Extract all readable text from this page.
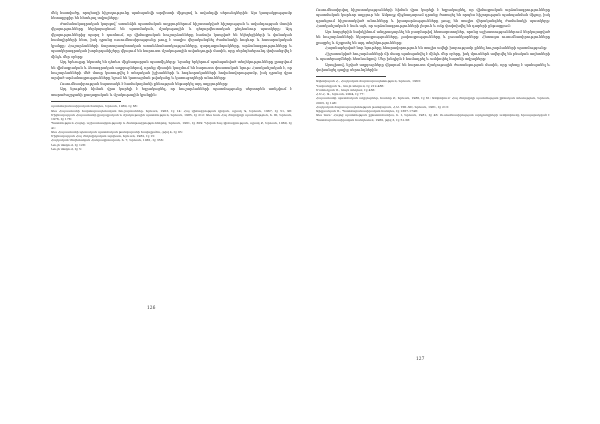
մեկ հատվածը, որպեսզի հիշողությունը պահպանվի արվեստի միջոցով և ավանդվի սերունդներին։ Այս կապակցությամբ հետաքրքիր են հետևյալ տվյալները։

Ժամանակագրական կարգով՝ առանձին պատմական աղբյուրներում հիշատակված հիշողության և ավանդության մասին վկայությունները ներկայացնում են պատմական, մշակութային և գեղարվեստական ընդհանուր պատկերը։ Այդ վկայություններից պարզ է դառնում, որ վիմագրական հուշարձանները հաճախ կապված են եկեղեցիների և վանական համալիրների հետ, իսկ դրանց ուսումնասիրությունը թույլ է տալիս վերականգնել ժամանակի հոգևոր և հասարակական կյանքը։ Հուշարձանների ճարտարապետական առանձնահատկությունները, զարդաքանդակները, արձանագրությունները և պատկերագրական խորհրդանիշերը վկայում են հարուստ մշակութային ավանդույթի մասին, որը սերնդեսերունդ փոխանցվել է մինչև մեր օրերը։

Այդ երևույթը նկատել են դեռևս միջնադարյան պատմիչները։ Նրանց երկերում պահպանված տեղեկությունները լրացվում են վիմագրական և ձեռագրական աղբյուրներով, որոնք միասին կազմում են հարուստ փաստական նյութ։ Հատկանշական է, որ հուշարձանների մեծ մասը կառուցվել է տեղական իշխանների և հոգևորականների հովանավորությամբ, իսկ դրանց վրա արված արձանագրությունները նշում են կառուցման թվականը և կառուցողների անունները։

Ուսումնասիրության նպատակն է համակողմանի քննության ենթարկել այդ աղբյուրները։

Այդ նյութերի հիման վրա կարելի է եզրակացնել, որ հուշարձանների պատմությունը սերտորեն առնչվում է տարածաշրջանի քաղաքական և մշակութային կյանքին։

պատմաբանասիրական հանդես, Երևան, 1980, էջ 68։

Տես Հայաստանի ճարտարապետական հուշարձաններ, Երևան, 1963, էջ 14։ Հայ վիմագրության դիվան, պրակ Գ, Երևան, 1967, էջ 51, 98։ Միջնադարյան Հայաստանի քաղաքական և մշակութային պատմություն, Երևան, 1985, էջ 212։ Տես նաև Հայ ժողովրդի պատմություն, հ. III, Երևան, 1976, էջ 178։

Պատմություն Հայոց, աշխատասիրությամբ և ծանոթագրություններով, Երևան, 1961, էջ 309։ Դիվան հայ վիմագրության, պրակ Բ, Երևան, 1960, էջ 41։

Տես Հայաստանի պետական պատմական թանգարանի հավաքածու, թիվ 4, էջ 95։

Միջնադարյան Հայ ժողովրդական արվեստ, Երևան, 1982, էջ 15։

Հայկական Սովետական Հանրագիտարան, հ. 7, Երևան, 1981, էջ 356։

Նույն տեղում, էջ 128։

Նույն տեղում, էջ 5։

126

Ուսումնասիրվող հիշատակությունների հիման վրա կարելի է եզրակացնել, որ վիմագրական արձանագրությունները պատմական կարևոր աղբյուր են։ Ամբողջ միջնադարում դրանք ծառայել են որպես հիշողության պահպանման միջոց, իսկ դրանցում հիշատակված անունները և իրադարձությունները թույլ են տալիս վերականգնել ժամանակի պատկերը։ Հատկանշական է նաև այն, որ արձանագրությունների լեզուն և ոճը փոփոխվել են դարերի ընթացքում։

Այս հարցերին նախկինում անդրադարձել են բազմաթիվ հետազոտողներ, որոնց աշխատություններում ներկայացված են հուշարձանների նկարագրությունները, չափագրությունները և լուսանկարները։ Հետագա ուսումնասիրությունները լրացրել և ճշգրտել են այդ տեղեկությունները։

Հայտնաբերված նոր նյութերը հնարավորություն են տալիս ավելի խորությամբ քննել հուշարձանների պատմությունը։

Հիշատակված հուշարձանների մի մասը պահպանվել է մինչև մեր օրերը, իսկ մյուսներն ավերվել են բնական աղետների և պատերազմների հետևանքով։ Մեր խնդիրն է համադրել և ամփոփել հայտնի տվյալները։

Այսպիսով, նշված աղբյուրները վկայում են հարուստ մշակութային ժառանգության մասին, որը պետք է պահպանել և փոխանցել գալիք սերունդներին։

Ավետիսյան Հ., Հայկական ճարտարապետություն, Երևան, 1963։

Ղափանցյան Գ., նույն տեղում, էջ 212-486։

Մանուկյան Ս., նույն տեղում, էջ 436։

Հ.Ս.Հ. Ա., Երևան, 2004, էջ 77։

Հայաստանի պատմական աղբյուրներ, հատոր Բ, Երևան, 1986, էջ 61։ Ամփոփում՝ Հայ ժողովրդի պատմության քննական տեսություն, Երևան, 2003, էջ 148։

Հայկական ճարտարապետության թանգարան, Հ.Ա. VIII–XII, Երևան, 1981, էջ 213։

Ալեքսանյան Ս., Պատմաբանասիրական հանդես, էջ 1367-1748։

Տես նաև՝ Հայոց պատմության քրեստոմատիա, հ. I, Երևան, 1981, էջ 46։ Ուսումնասիրության արդյունքների ամփոփումը հրապարակված է Պատմաբանասիրական հանդեսում, 1980, թիվ 3, էջ 51-58։

127
